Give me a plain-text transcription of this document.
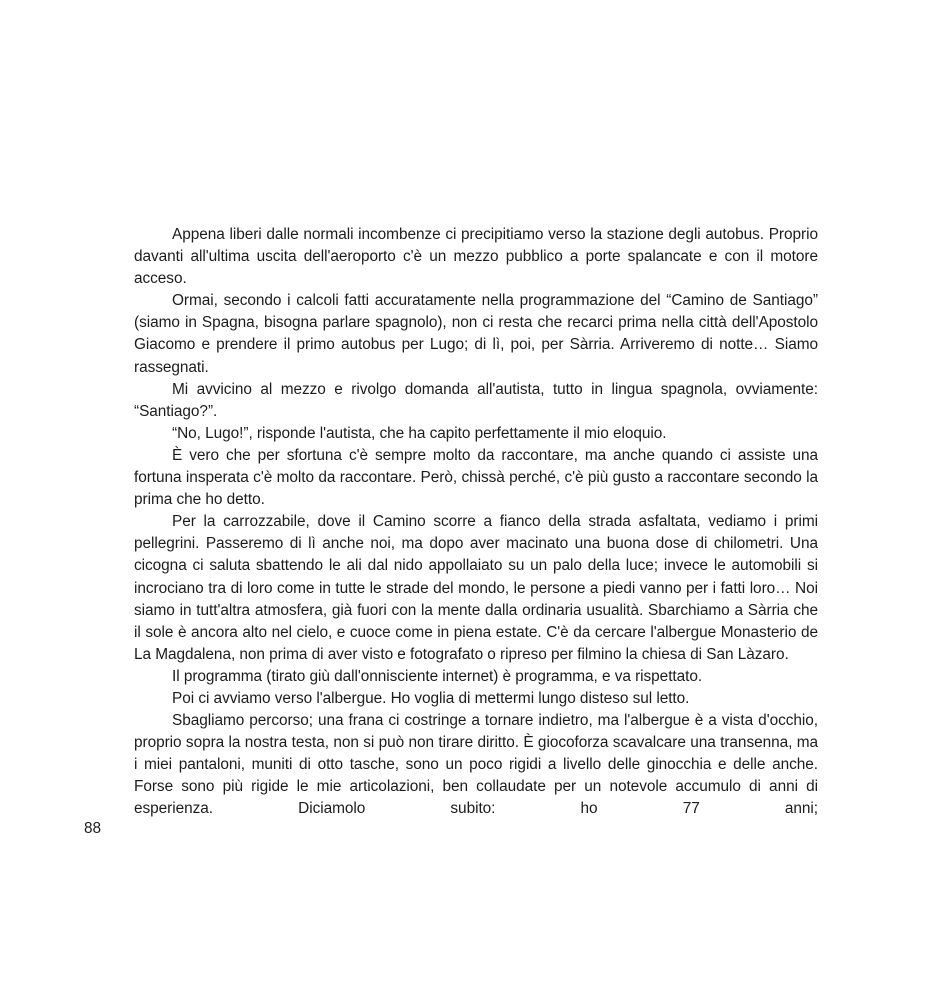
Appena liberi dalle normali incombenze ci precipitiamo verso la stazione degli autobus. Proprio davanti all'ultima uscita dell'aeroporto c'è un mezzo pubblico a porte spalancate e con il motore acceso.

Ormai, secondo i calcoli fatti accuratamente nella programmazione del “Camino de Santiago” (siamo in Spagna, bisogna parlare spagnolo), non ci resta che recarci prima nella città dell'Apostolo Giacomo e prendere il primo autobus per Lugo; di lì, poi, per Sàrria. Arriveremo di notte… Siamo rassegnati.

Mi avvicino al mezzo e rivolgo domanda all'autista, tutto in lingua spagnola, ovviamente: “Santiago?”.

“No, Lugo!”, risponde l'autista, che ha capito perfettamente il mio eloquio.

È vero che per sfortuna c'è sempre molto da raccontare, ma anche quando ci assiste una fortuna insperata c'è molto da raccontare. Però, chissà perché, c'è più gusto a raccontare secondo la prima che ho detto.

Per la carrozzabile, dove il Camino scorre a fianco della strada asfaltata, vediamo i primi pellegrini. Passeremo di lì anche noi, ma dopo aver macinato una buona dose di chilometri. Una cicogna ci saluta sbattendo le ali dal nido appollaiato su un palo della luce; invece le automobili si incrociano tra di loro come in tutte le strade del mondo, le persone a piedi vanno per i fatti loro… Noi siamo in tutt'altra atmosfera, già fuori con la mente dalla ordinaria usualità. Sbarchiamo a Sàrria che il sole è ancora alto nel cielo, e cuoce come in piena estate. C'è da cercare l'albergue Monasterio de La Magdalena, non prima di aver visto e fotografato o ripreso per filmino la chiesa di San Làzaro.

Il programma (tirato giù dall'onnisciente internet) è programma, e va rispettato.

Poi ci avviamo verso l'albergue. Ho voglia di mettermi lungo disteso sul letto.

Sbagliamo percorso; una frana ci costringe a tornare indietro, ma l'albergue è a vista d'occhio, proprio sopra la nostra testa, non si può non tirare diritto. È giocoforza scavalcare una transenna, ma i miei pantaloni, muniti di otto tasche, sono un poco rigidi a livello delle ginocchia e delle anche. Forse sono più rigide le mie articolazioni, ben collaudate per un notevole accumulo di anni di esperienza. Diciamolo subito: ho 77 anni;

88
